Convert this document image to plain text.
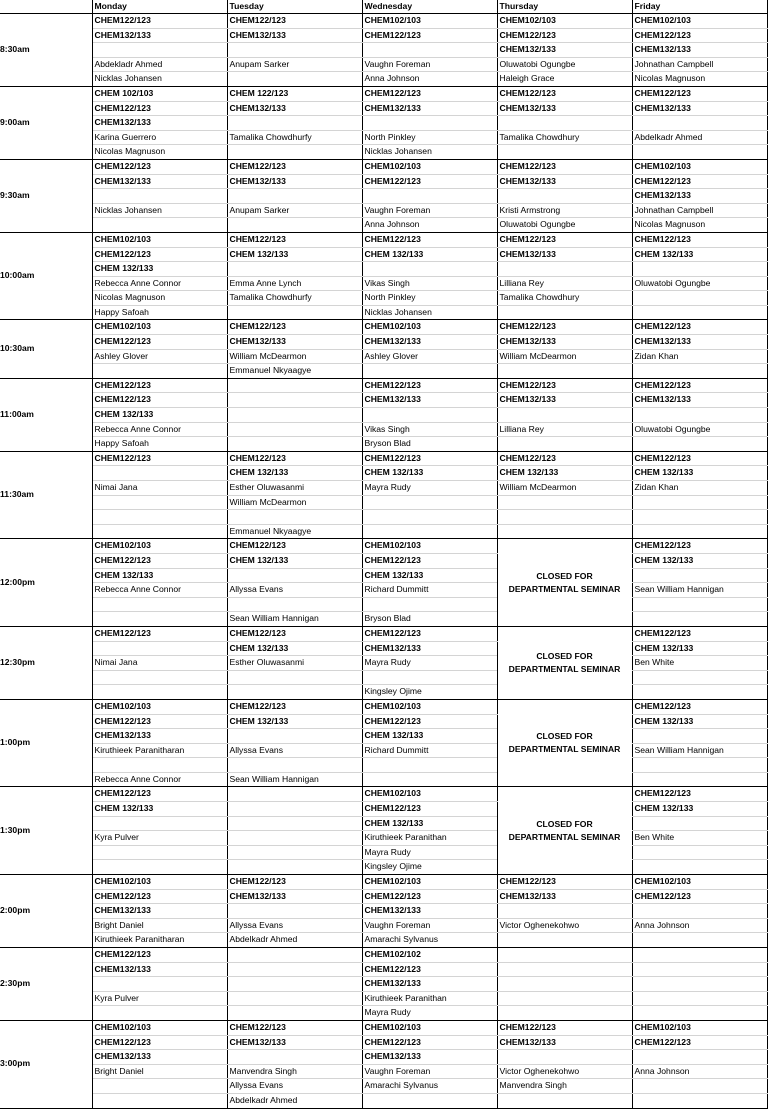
	Monday	Tuesday	Wednesday	Thursday	Friday
8:30am	CHEM122/123	CHEM122/123	CHEM102/103	CHEM102/103	CHEM102/103
	CHEM132/133	CHEM132/133	CHEM122/123	CHEM122/123	CHEM122/123
				CHEM132/133	CHEM132/133
	Abdekladr Ahmed	Anupam Sarker	Vaughn Foreman	Oluwatobi Ogungbe	Johnathan Campbell
	Nicklas Johansen		Anna Johnson	Haleigh Grace	Nicolas Magnuson
9:00am	CHEM 102/103	CHEM 122/123	CHEM122/123	CHEM122/123	CHEM122/123
	CHEM122/123	CHEM132/133	CHEM132/133	CHEM132/133	CHEM132/133
	CHEM132/133				
	Karina Guerrero	Tamalika Chowdhurfy	North Pinkley	Tamalika Chowdhury	Abdelkadr Ahmed
	Nicolas Magnuson		Nicklas Johansen		
9:30am	CHEM122/123	CHEM122/123	CHEM102/103	CHEM122/123	CHEM102/103
	CHEM132/133	CHEM132/133	CHEM122/123	CHEM132/133	CHEM122/123
					CHEM132/133
	Nicklas Johansen	Anupam Sarker	Vaughn Foreman	Kristi Armstrong	Johnathan Campbell
			Anna Johnson	Oluwatobi Ogungbe	Nicolas Magnuson
10:00am	CHEM102/103	CHEM122/123	CHEM122/123	CHEM122/123	CHEM122/123
	CHEM122/123	CHEM 132/133	CHEM 132/133	CHEM132/133	CHEM 132/133
	CHEM 132/133				
	Rebecca Anne Connor	Emma Anne Lynch	Vikas Singh	Lilliana Rey	Oluwatobi Ogungbe
	Nicolas Magnuson	Tamalika Chowdhurfy	North Pinkley	Tamalika Chowdhury	
	Happy Safoah		Nicklas Johansen		
10:30am	CHEM102/103	CHEM122/123	CHEM102/103	CHEM122/123	CHEM122/123
	CHEM122/123	CHEM132/133	CHEM132/133	CHEM132/133	CHEM132/133
	Ashley Glover	William McDearmon	Ashley Glover	William McDearmon	Zidan Khan
		Emmanuel Nkyaagye			
11:00am	CHEM122/123		CHEM122/123	CHEM122/123	CHEM122/123
	CHEM122/123		CHEM132/133	CHEM132/133	CHEM132/133
	CHEM 132/133				
	Rebecca Anne Connor		Vikas Singh	Lilliana Rey	Oluwatobi Ogungbe
	Happy Safoah		Bryson Blad		
11:30am	CHEM122/123	CHEM122/123	CHEM122/123	CHEM122/123	CHEM122/123
		CHEM 132/133	CHEM 132/133	CHEM 132/133	CHEM 132/133
	Nimai Jana	Esther Oluwasanmi	Mayra Rudy	William McDearmon	Zidan Khan
		William McDearmon			

		Emmanuel Nkyaagye			
12:00pm	CHEM102/103	CHEM122/123	CHEM102/103	CLOSED FOR DEPARTMENTAL SEMINAR	CHEM122/123
	CHEM122/123	CHEM 132/133	CHEM122/123		CHEM 132/133
	CHEM 132/133		CHEM 132/133		
	Rebecca Anne Connor	Allyssa Evans	Richard Dummitt		Sean William Hannigan

		Sean William Hannigan	Bryson Blad		
12:30pm	CHEM122/123	CHEM122/123	CHEM122/123	CLOSED FOR DEPARTMENTAL SEMINAR	CHEM122/123
		CHEM 132/133	CHEM132/133		CHEM 132/133
	Nimai Jana	Esther Oluwasanmi	Mayra Rudy		Ben White

			Kingsley Ojime		
1:00pm	CHEM102/103	CHEM122/123	CHEM102/103	CLOSED FOR DEPARTMENTAL SEMINAR	CHEM122/123
	CHEM122/123	CHEM 132/133	CHEM122/123		CHEM 132/133
	CHEM132/133		CHEM 132/133		
	Kiruthieek Paranitharan	Allyssa Evans	Richard Dummitt		Sean William Hannigan

	Rebecca Anne Connor	Sean William Hannigan			
1:30pm	CHEM122/123		CHEM102/103	CLOSED FOR DEPARTMENTAL SEMINAR	CHEM122/123
	CHEM 132/133		CHEM122/123		CHEM 132/133
			CHEM 132/133		
	Kyra Pulver		Kiruthieek Paranithan		Ben White
			Mayra Rudy		
			Kingsley Ojime		
2:00pm	CHEM102/103	CHEM122/123	CHEM102/103	CHEM122/123	CHEM102/103
	CHEM122/123	CHEM132/133	CHEM122/123	CHEM132/133	CHEM122/123
	CHEM132/133		CHEM132/133		
	Bright Daniel	Allyssa Evans	Vaughn Foreman	Victor Oghenekohwo	Anna Johnson
	Kiruthieek Paranitharan	Abdelkadr Ahmed	Amarachi Sylvanus		
2:30pm	CHEM122/123		CHEM102/102		
	CHEM132/133		CHEM122/123		
			CHEM132/133		
	Kyra Pulver		Kiruthieek Paranithan		
			Mayra Rudy		
3:00pm	CHEM102/103	CHEM122/123	CHEM102/103	CHEM122/123	CHEM102/103
	CHEM122/123	CHEM132/133	CHEM122/123	CHEM132/133	CHEM122/123
	CHEM132/133		CHEM132/133		
	Bright Daniel	Manvendra Singh	Vaughn Foreman	Victor Oghenekohwo	Anna Johnson
		Allyssa Evans	Amarachi Sylvanus	Manvendra Singh	
		Abdelkadr Ahmed			
